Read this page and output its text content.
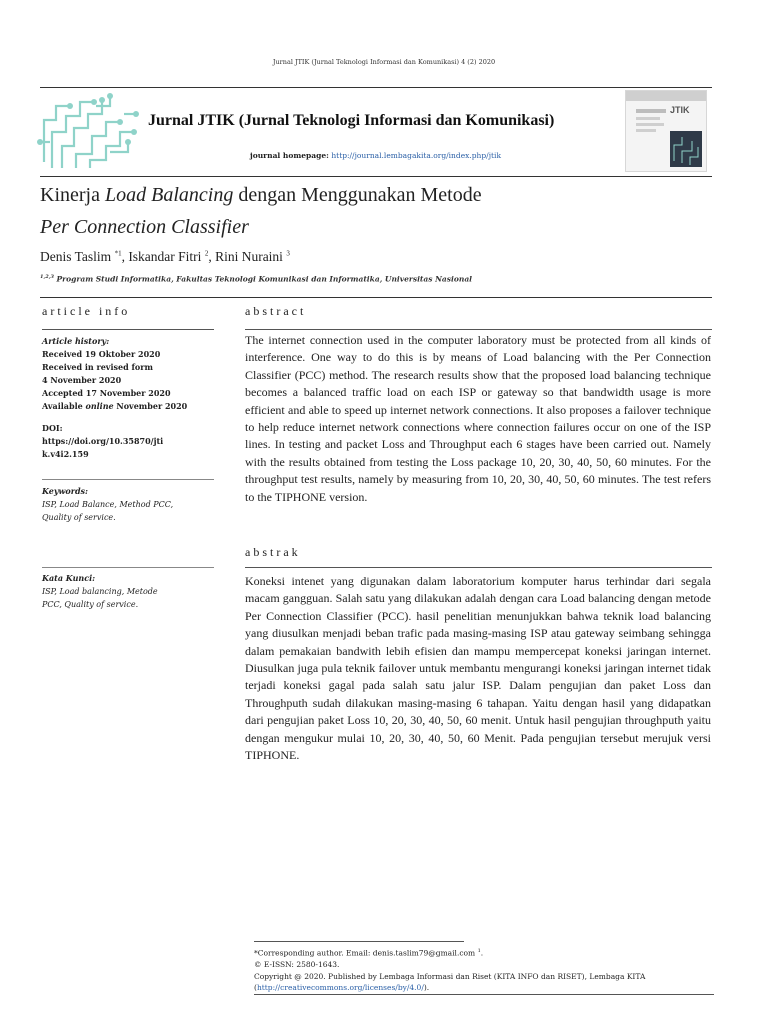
Jurnal JTIK (Jurnal Teknologi Informasi dan Komunikasi) 4 (2) 2020
Jurnal JTIK (Jurnal Teknologi Informasi dan Komunikasi)
journal homepage: http://journal.lembagakita.org/index.php/jtik
JTIK
Kinerja Load Balancing dengan Menggunakan Metode
Per Connection Classifier
Denis Taslim $^{*1}$, Iskandar Fitri $^2$, Rini Nuraini $^3$
$^{1,2,3}$ Program Studi Informatika, Fakultas Teknologi Komunikasi dan Informatika, Universitas Nasional
article info
Article history:
Received 19 Oktober 2020
Received in revised form
4 November 2020
Accepted 17 November 2020
Available online November 2020
DOI:
https://doi.org/10.35870/jti
k.v4i2.159
Keywords:
ISP, Load Balance, Method PCC,
Quality of service.
Kata Kunci:
ISP, Load balancing, Metode
PCC, Quality of service.
abstract
The internet connection used in the computer laboratory must be protected from all kinds of interference. One way to do this is by means of Load balancing with the Per Connection Classifier (PCC) method. The research results show that the proposed load balancing technique becomes a balanced traffic load on each ISP or gateway so that bandwidth usage is more efficient and able to speed up internet network connections. It also proposes a failover technique to help reduce internet network connections where connection failures occur on one of the ISP lines. In testing and packet Loss and Throughput each 6 stages have been carried out. Namely with the results obtained from testing the Loss package 10, 20, 30, 40, 50, 60 minutes. For the throughput test results, namely by measuring from 10, 20, 30, 40, 50, 60 minutes. The test refers to the TIPHONE version.
abstrak
Koneksi intenet yang digunakan dalam laboratorium komputer harus terhindar dari segala macam gangguan. Salah satu yang dilakukan adalah dengan cara Load balancing dengan metode Per Connection Classifier (PCC). hasil penelitian menunjukkan bahwa teknik load balancing yang diusulkan menjadi beban trafic pada masing-masing ISP atau gateway seimbang sehingga dalam pemakaian bandwith lebih efisien dan mampu mempercepat koneksi jaringan internet. Diusulkan juga pula teknik failover untuk membantu mengurangi koneksi jaringan internet tidak terjadi koneksi gagal pada salah satu jalur ISP. Dalam pengujian dan paket Loss dan Throughputh sudah dilakukan masing-masing 6 tahapan. Yaitu dengan hasil yang didapatkan dari pengujian paket Loss 10, 20, 30, 40, 50, 60 menit. Untuk hasil pengujian throughputh yaitu dengan mengukur mulai 10, 20, 30, 40, 50, 60 Menit. Pada pengujian tersebut merujuk versi TIPHONE.
*Corresponding author. Email: denis.taslim79@gmail.com $^1$.
© E-ISSN: 2580-1643.
Copyright @ 2020. Published by Lembaga Informasi dan Riset (KITA INFO dan RISET), Lembaga KITA
(http://creativecommons.org/licenses/by/4.0/).
